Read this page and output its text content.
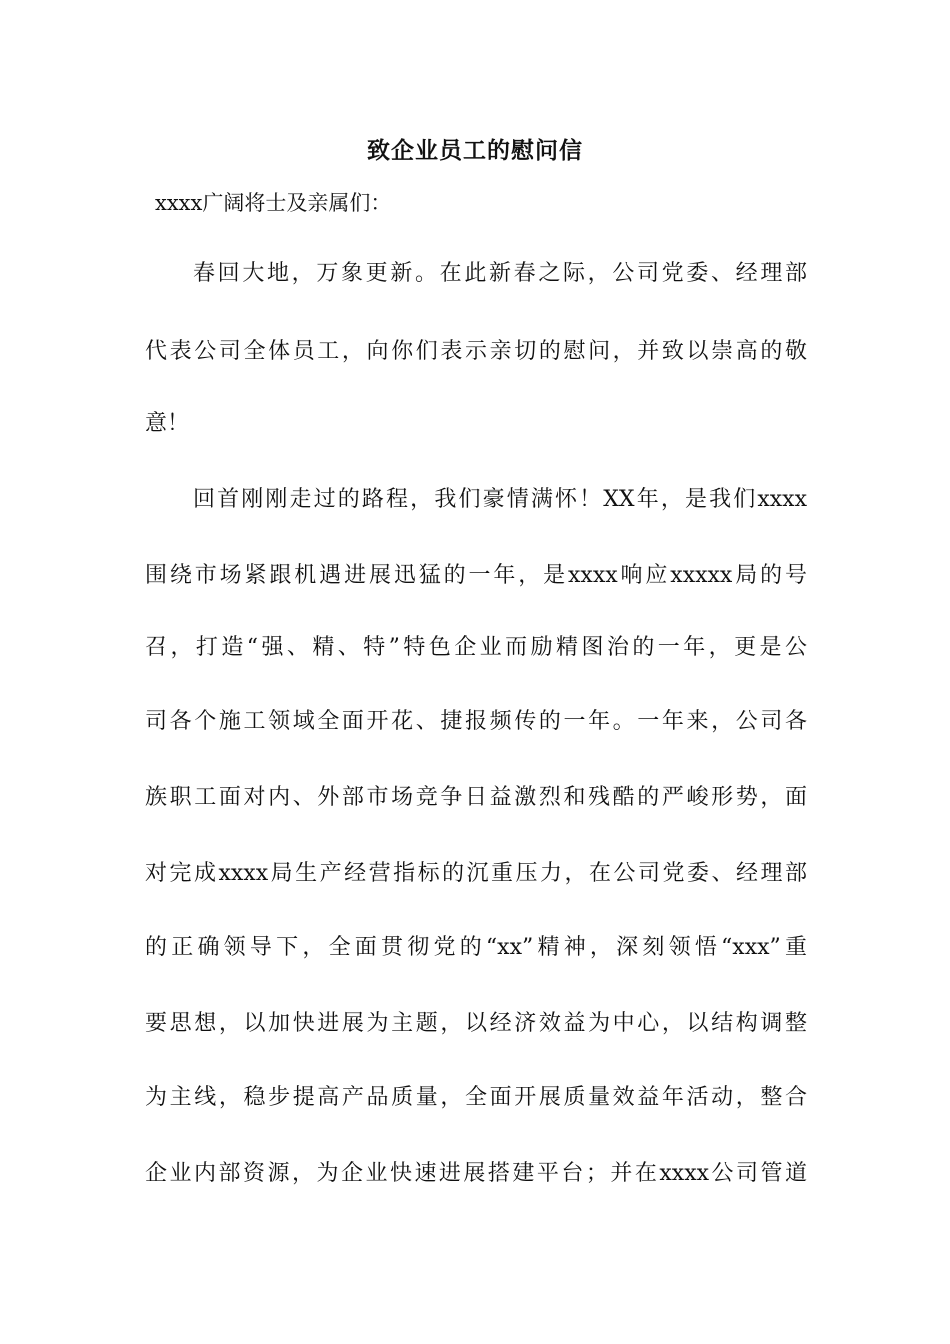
致企业员工的慰问信
xxxx广阔将士及亲属们：
春回大地，万象更新。在此新春之际，公司党委、经理部
代表公司全体员工，向你们表示亲切的慰问，并致以崇高的敬
意！
回首刚刚走过的路程，我们豪情满怀！XX年，是我们xxxx
围绕市场紧跟机遇进展迅猛的一年，是xxxx响应xxxxx局的号
召，打造“强、精、特”特色企业而励精图治的一年，更是公
司各个施工领域全面开花、捷报频传的一年。一年来，公司各
族职工面对内、外部市场竞争日益激烈和残酷的严峻形势，面
对完成xxxx局生产经营指标的沉重压力，在公司党委、经理部
的正确领导下，全面贯彻党的“xx”精神，深刻领悟“xxx”重
要思想，以加快进展为主题，以经济效益为中心，以结构调整
为主线，稳步提高产品质量，全面开展质量效益年活动，整合
企业内部资源，为企业快速进展搭建平台；并在xxxx公司管道
